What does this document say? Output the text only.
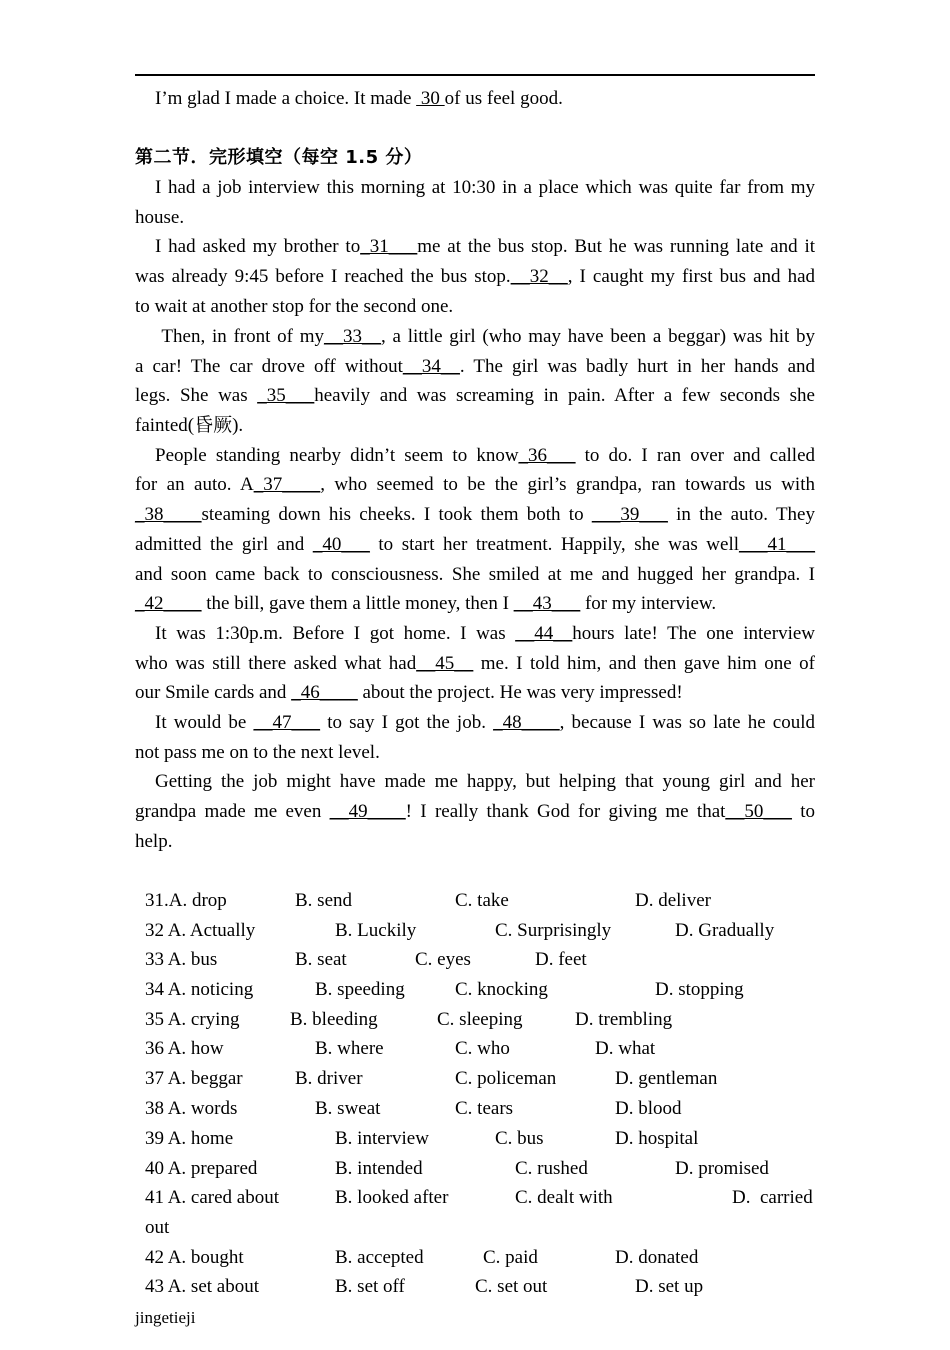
I’m glad I made a choice. It made  30 of us feel good.
第二节．完形填空（每空 1.5 分）
I had a job interview this morning at 10:30 in a place which was quite far from my
house.
I had asked my brother to_31___me at the bus stop. But he was running late and it
was already 9:45 before I reached the bus stop.__32__, I caught my first bus and had
to wait at another stop for the second one.
Then, in front of my__33__, a little girl (who may have been a beggar) was hit by
a car! The car drove off without__34__. The girl was badly hurt in her hands and
legs. She was _35___heavily and was screaming in pain. After a few seconds she
fainted(昏厥).
People standing nearby didn’t seem to know_36___ to do. I ran over and called
for an auto. A_37____, who seemed to be the girl’s grandpa, ran towards us with
_38____steaming down his cheeks. I took them both to ___39___ in the auto. They
admitted the girl and _40___ to start her treatment. Happily, she was well___41___
and soon came back to consciousness. She smiled at me and hugged her grandpa. I
_42____ the bill, gave them a little money, then I __43___ for my interview.
It was 1:30p.m. Before I got home. I was __44__hours late! The one interview
who was still there asked what had__45__ me. I told him, and then gave him one of
our Smile cards and _46____ about the project. He was very impressed!
It would be __47___ to say I got the job. _48____, because I was so late he could
not pass me on to the next level.
Getting the job might have made me happy, but helping that young girl and her
grandpa made me even __49____! I really thank God for giving me that__50___ to
help.
31.A. drop	B. send	C. take	D. deliver
32 A. Actually	B. Luckily	C. Surprisingly	D. Gradually
33 A. bus	B. seat	C. eyes	D. feet
34 A. noticing	B. speeding	C. knocking	D. stopping
35 A. crying	B. bleeding	C. sleeping	D. trembling
36 A. how	B. where	C. who	D. what
37 A. beggar	B. driver	C. policeman	D. gentleman
38 A. words	B. sweat	C. tears	D. blood
39 A. home	B. interview	C. bus	D. hospital
40 A. prepared	B. intended	C. rushed	D. promised
41 A. cared about	B. looked after	C. dealt with	D.  carried
out
42 A. bought	B. accepted	C. paid	D. donated
43 A. set about	B. set off	C. set out	D. set up
jingetieji
